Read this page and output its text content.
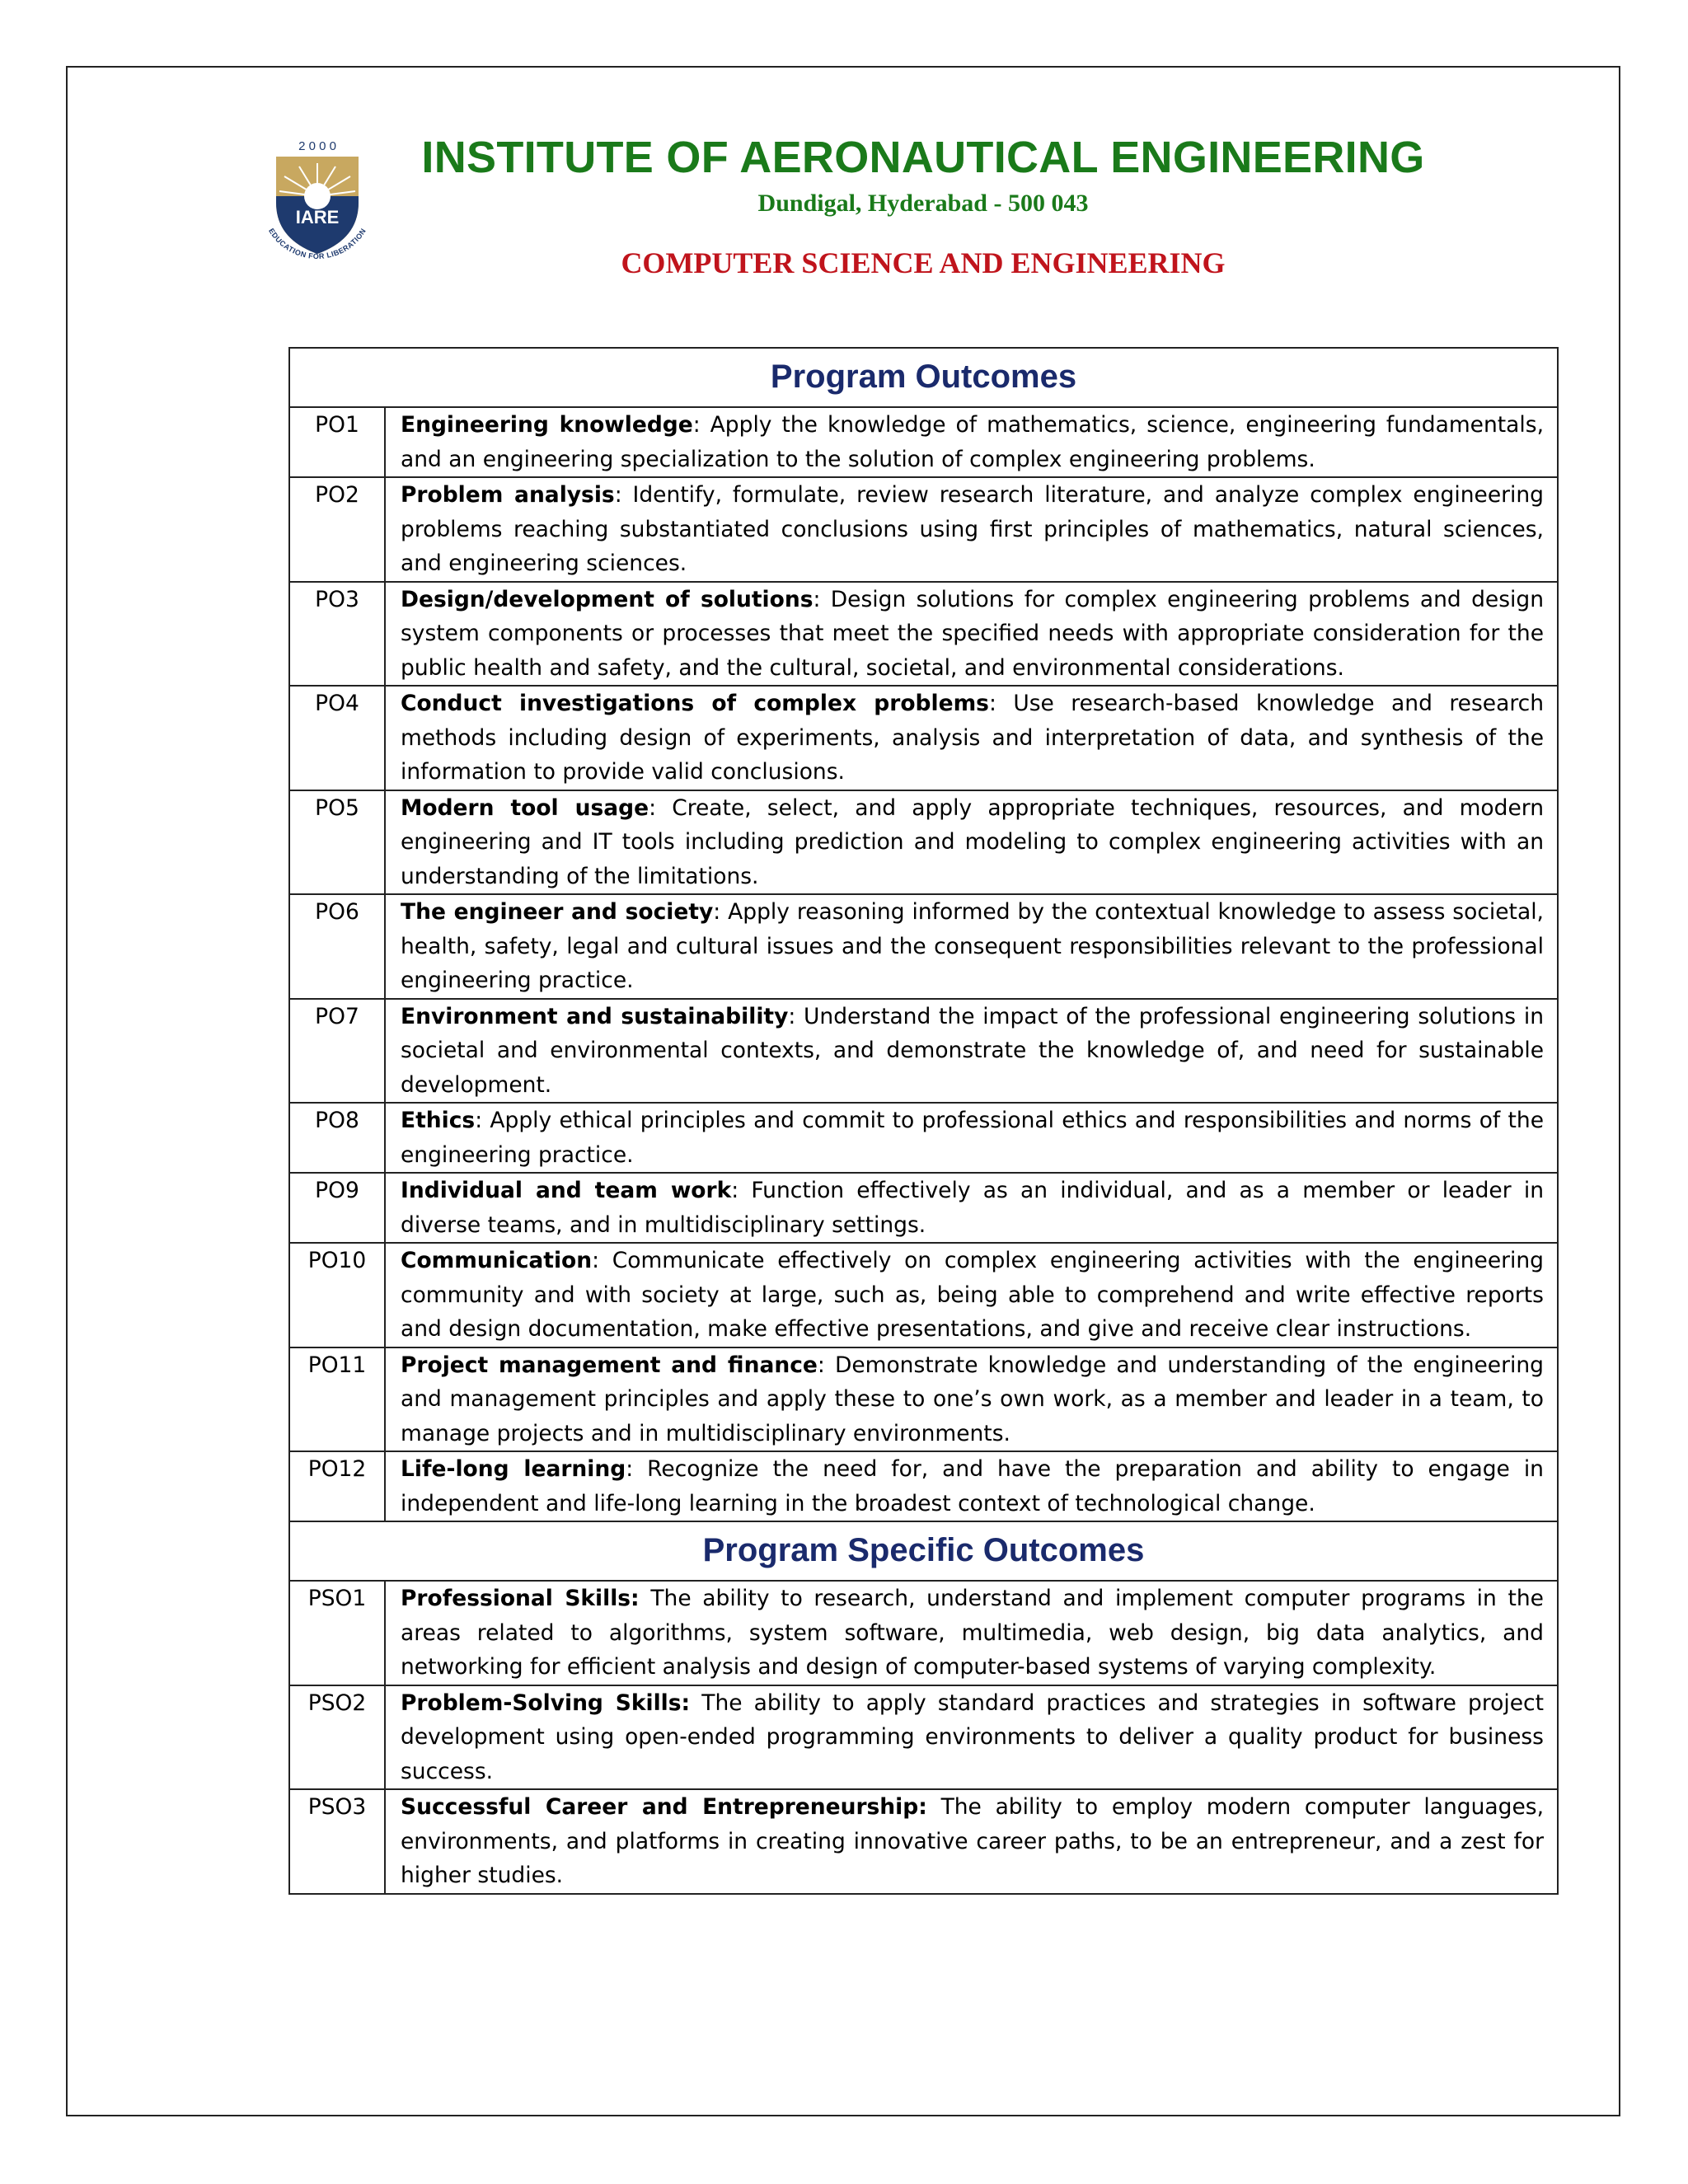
2 0 0 0
IARE
EDUCATION FOR LIBERATION
INSTITUTE OF AERONAUTICAL ENGINEERING
Dundigal, Hyderabad - 500 043
COMPUTER SCIENCE AND ENGINEERING
Program Outcomes	
PO1	Engineering knowledge: Apply the knowledge of mathematics, science, engineering fundamentals, and an engineering specialization to the solution of complex engineering problems.
PO2	Problem analysis: Identify, formulate, review research literature, and analyze complex engineering problems reaching substantiated conclusions using first principles of mathematics, natural sciences, and engineering sciences.
PO3	Design/development of solutions: Design solutions for complex engineering problems and design system components or processes that meet the specified needs with appropriate consideration for the public health and safety, and the cultural, societal, and environmental considerations.
PO4	Conduct investigations of complex problems: Use research-based knowledge and research methods including design of experiments, analysis and interpretation of data, and synthesis of the information to provide valid conclusions.
PO5	Modern tool usage: Create, select, and apply appropriate techniques, resources, and modern engineering and IT tools including prediction and modeling to complex engineering activities with an understanding of the limitations.
PO6	The engineer and society: Apply reasoning informed by the contextual knowledge to assess societal, health, safety, legal and cultural issues and the consequent responsibilities relevant to the professional engineering practice.
PO7	Environment and sustainability: Understand the impact of the professional engineering solutions in societal and environmental contexts, and demonstrate the knowledge of, and need for sustainable development.
PO8	Ethics: Apply ethical principles and commit to professional ethics and responsibilities and norms of the engineering practice.
PO9	Individual and team work: Function effectively as an individual, and as a member or leader in diverse teams, and in multidisciplinary settings.
PO10	Communication: Communicate effectively on complex engineering activities with the engineering community and with society at large, such as, being able to comprehend and write effective reports and design documentation, make effective presentations, and give and receive clear instructions.
PO11	Project management and finance: Demonstrate knowledge and understanding of the engineering and management principles and apply these to one’s own work, as a member and leader in a team, to manage projects and in multidisciplinary environments.
PO12	Life-long learning: Recognize the need for, and have the preparation and ability to engage in independent and life-long learning in the broadest context of technological change.
Program Specific Outcomes	
PSO1	Professional Skills: The ability to research, understand and implement computer programs in the areas related to algorithms, system software, multimedia, web design, big data analytics, and networking for efficient analysis and design of computer-based systems of varying complexity.
PSO2	Problem-Solving Skills: The ability to apply standard practices and strategies in software project development using open-ended programming environments to deliver a quality product for business success.
PSO3	Successful Career and Entrepreneurship: The ability to employ modern computer languages, environments, and platforms in creating innovative career paths, to be an entrepreneur, and a zest for higher studies.
